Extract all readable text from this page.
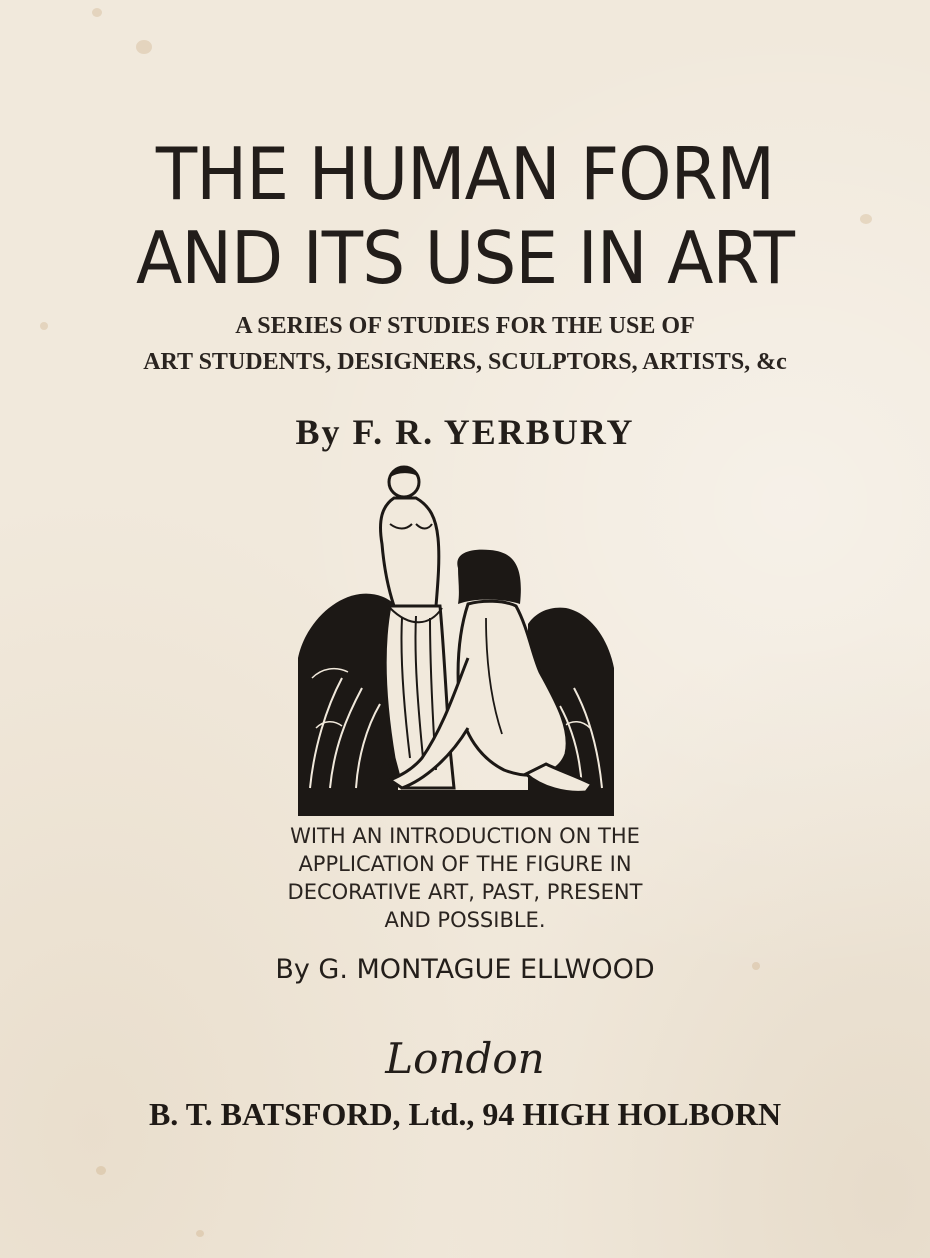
THE HUMAN FORM
AND ITS USE IN ART
A SERIES OF STUDIES FOR THE USE OF
ART STUDENTS, DESIGNERS, SCULPTORS, ARTISTS, &c
By F. R. YERBURY
WITH AN INTRODUCTION ON THE
APPLICATION OF THE FIGURE IN
DECORATIVE ART, PAST, PRESENT
AND POSSIBLE.
By G. MONTAGUE ELLWOOD
London
B. T. BATSFORD, Ltd., 94 HIGH HOLBORN
